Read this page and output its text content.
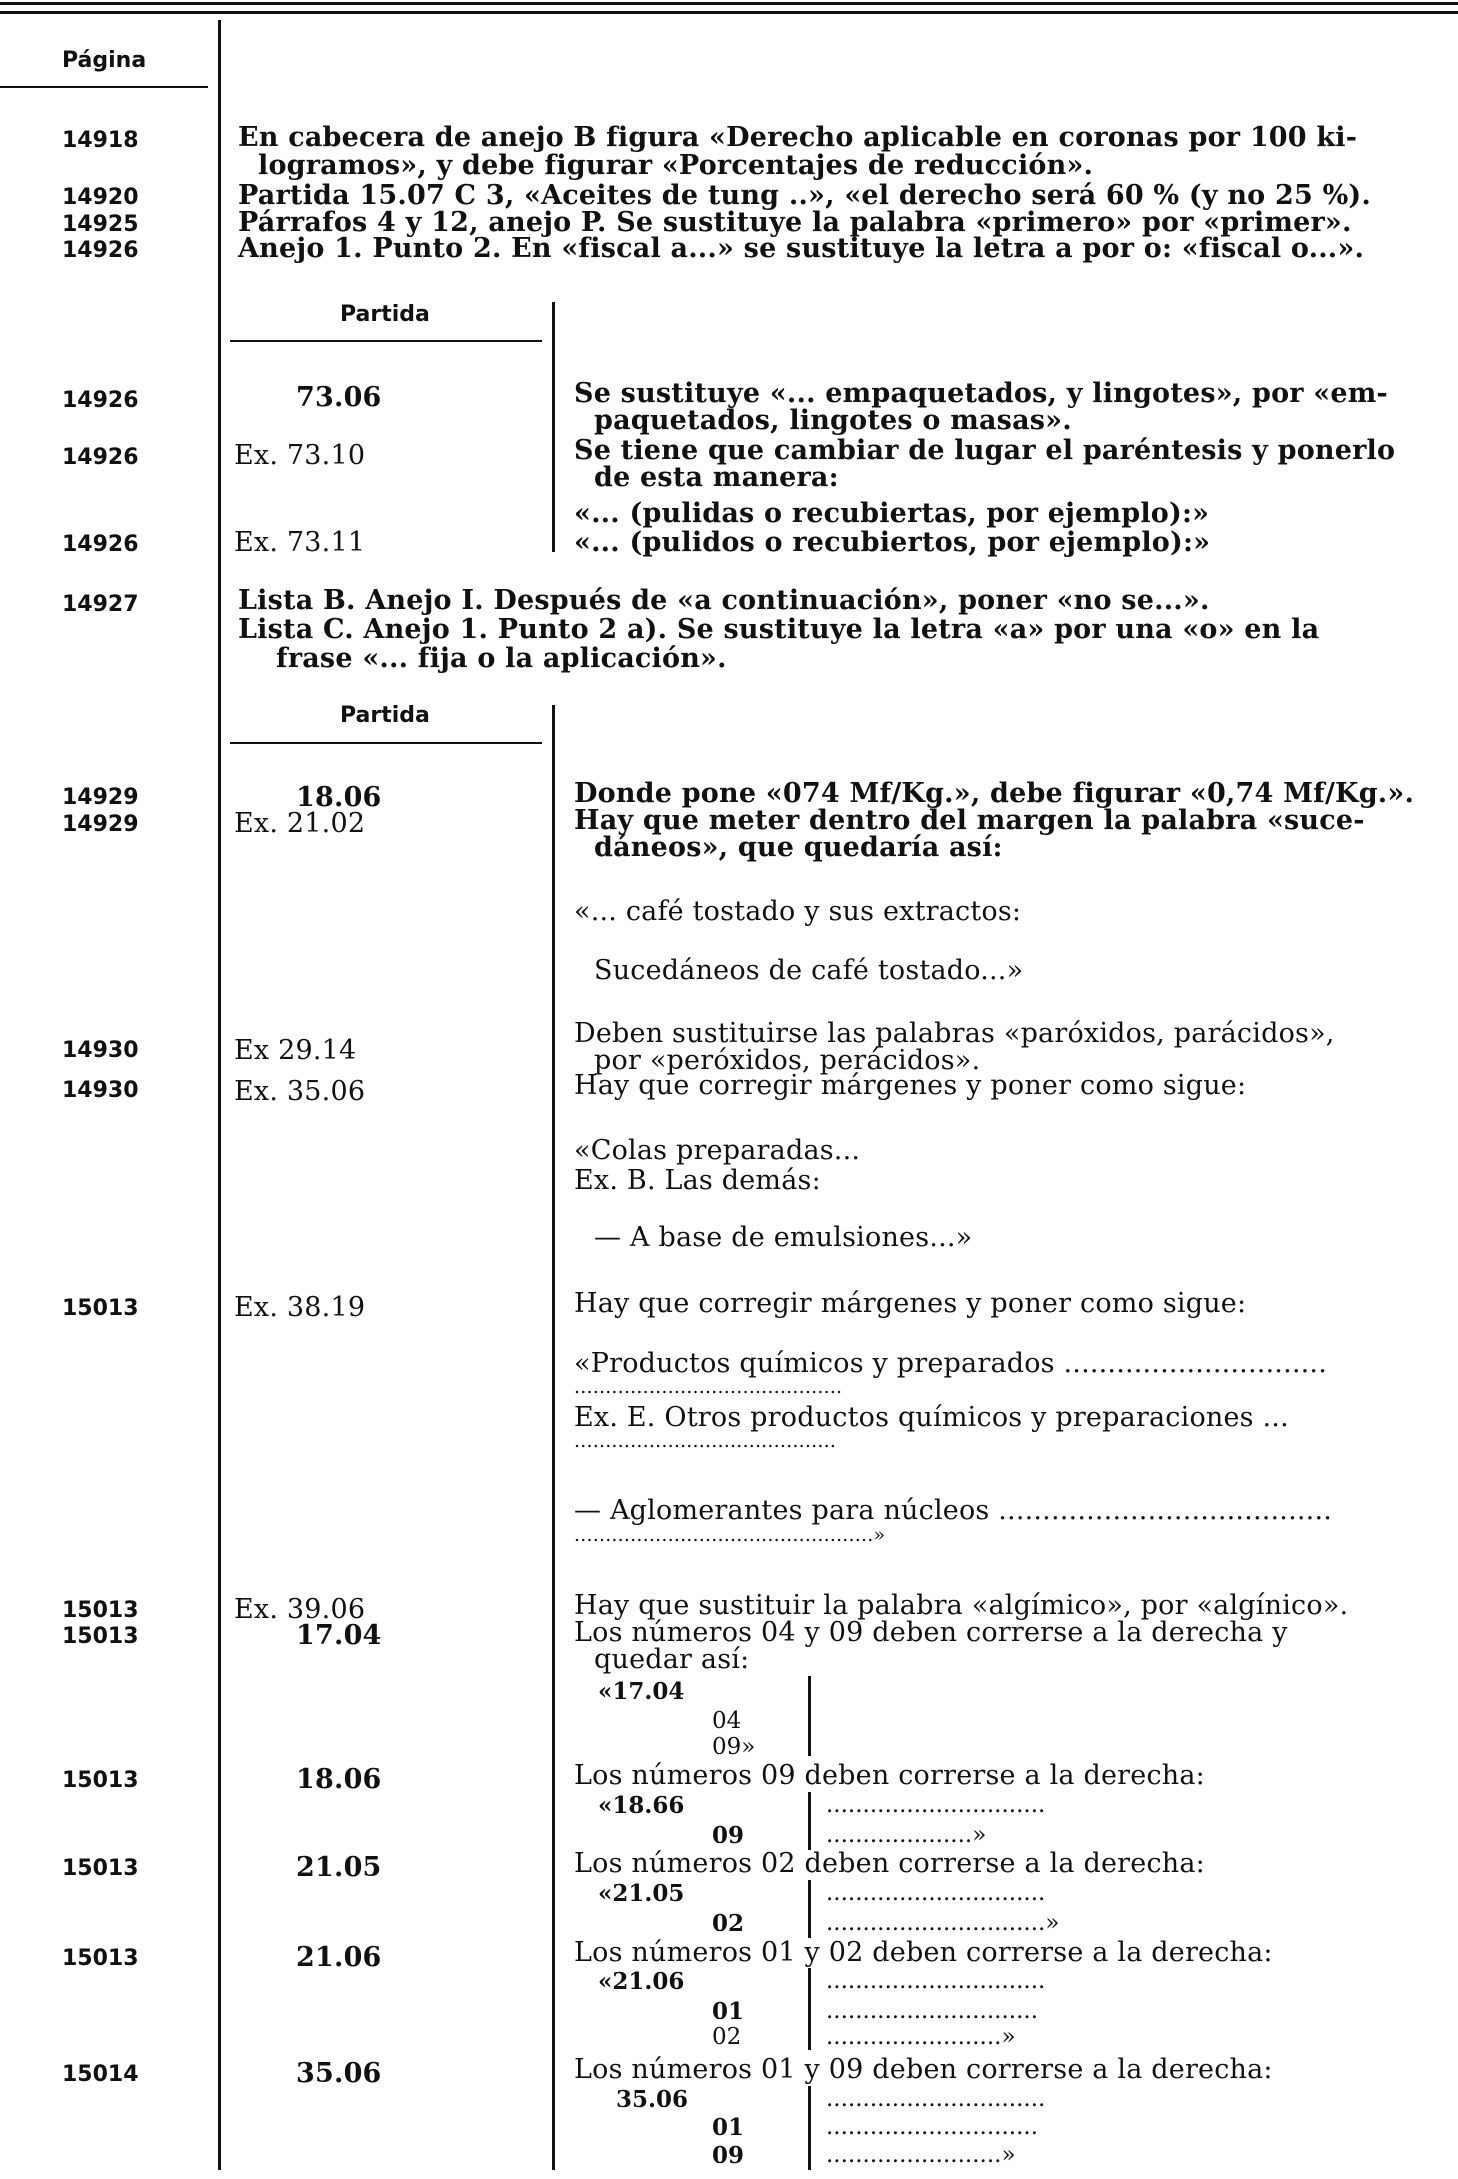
Página
14918	En cabecera de anejo B figura «Derecho aplicable en coronas por 100 ki-
logramos», y debe figurar «Porcentajes de reducción».
14920	Partida 15.07 C 3, «Aceites de tung ..», «el derecho será 60 % (y no 25 %).
14925	Párrafos 4 y 12, anejo P. Se sustituye la palabra «primero» por «primer».
14926	Anejo 1. Punto 2. En «fiscal a...» se sustituye la letra a por o: «fiscal o...».
Partida
14926	73.06	Se sustituye «... empaquetados, y lingotes», por «em-
paquetados, lingotes o masas».
14926	Ex. 73.10	Se tiene que cambiar de lugar el paréntesis y ponerlo
de esta manera:
«... (pulidas o recubiertas, por ejemplo):»
14926	Ex. 73.11	«... (pulidos o recubiertos, por ejemplo):»
14927	Lista B. Anejo I. Después de «a continuación», poner «no se...».
Lista C. Anejo 1. Punto 2 a). Se sustituye la letra «a» por una «o» en la
frase «... fija o la aplicación».
Partida
14929	18.06	Donde pone «074 Mf/Kg.», debe figurar «0,74 Mf/Kg.».
14929	Ex. 21.02	Hay que meter dentro del margen la palabra «suce-
dáneos», que quedaría así:
«... café tostado y sus extractos:
Sucedáneos de café tostado...»
14930	Ex 29.14
Deben sustituirse las palabras «paróxidos, parácidos»,
por «peróxidos, perácidos».
14930	Ex. 35.06	Hay que corregir márgenes y poner como sigue:
«Colas preparadas...
Ex. B. Las demás:
— A base de emulsiones...»
15013	Ex. 38.19	Hay que corregir márgenes y poner como sigue:
«Productos químicos y preparados ..............................
...........................................
Ex. E. Otros productos químicos y preparaciones ...
..........................................
— Aglomerantes para núcleos ......................................
................................................»
15013	Ex. 39.06	Hay que sustituir la palabra «algímico», por «algínico».
15013	17.04	Los números 04 y 09 deben correrse a la derecha y
quedar así:
«17.04
04
09»
15013	18.06	Los números 09 deben correrse a la derecha:
«18.66
09
..............................
....................»
15013	21.05	Los números 02 deben correrse a la derecha:
«21.05
02
..............................
..............................»
15013	21.06	Los números 01 y 02 deben correrse a la derecha:
«21.06
01
02
..............................
.............................
........................»
15014	35.06	Los números 01 y 09 deben correrse a la derecha:
35.06
01
09
..............................
.............................
........................»
